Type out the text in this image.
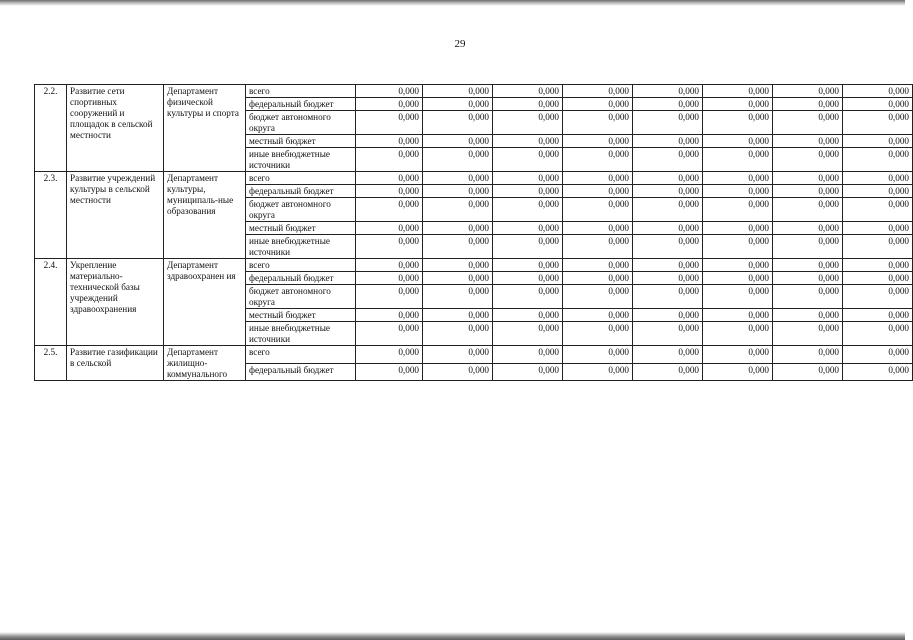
29
2.2.	Развитие сети спортивных сооружений и площадок в сельской местности	Департамент физической культуры и спорта	всего	0,000	0,000	0,000	0,000	0,000	0,000	0,000	0,000
			федеральный бюджет	0,000	0,000	0,000	0,000	0,000	0,000	0,000	0,000
			бюджет автономного округа	0,000	0,000	0,000	0,000	0,000	0,000	0,000	0,000
			местный бюджет	0,000	0,000	0,000	0,000	0,000	0,000	0,000	0,000
			иные внебюджетные источники	0,000	0,000	0,000	0,000	0,000	0,000	0,000	0,000
2.3.	Развитие учреждений культуры в сельской местности	Департамент культуры, муниципаль-ные образования	всего	0,000	0,000	0,000	0,000	0,000	0,000	0,000	0,000
			федеральный бюджет	0,000	0,000	0,000	0,000	0,000	0,000	0,000	0,000
			бюджет автономного округа	0,000	0,000	0,000	0,000	0,000	0,000	0,000	0,000
			местный бюджет	0,000	0,000	0,000	0,000	0,000	0,000	0,000	0,000
			иные внебюджетные источники	0,000	0,000	0,000	0,000	0,000	0,000	0,000	0,000
2.4.	Укрепление материально-технической базы учреждений здравоохранения	Департамент здравоохранен ия	всего	0,000	0,000	0,000	0,000	0,000	0,000	0,000	0,000
			федеральный бюджет	0,000	0,000	0,000	0,000	0,000	0,000	0,000	0,000
			бюджет автономного округа	0,000	0,000	0,000	0,000	0,000	0,000	0,000	0,000
			местный бюджет	0,000	0,000	0,000	0,000	0,000	0,000	0,000	0,000
			иные внебюджетные источники	0,000	0,000	0,000	0,000	0,000	0,000	0,000	0,000
2.5.	Развитие газификации в сельской	Департамент жилищно-коммунального	всего	0,000	0,000	0,000	0,000	0,000	0,000	0,000	0,000
			федеральный бюджет	0,000	0,000	0,000	0,000	0,000	0,000	0,000	0,000
